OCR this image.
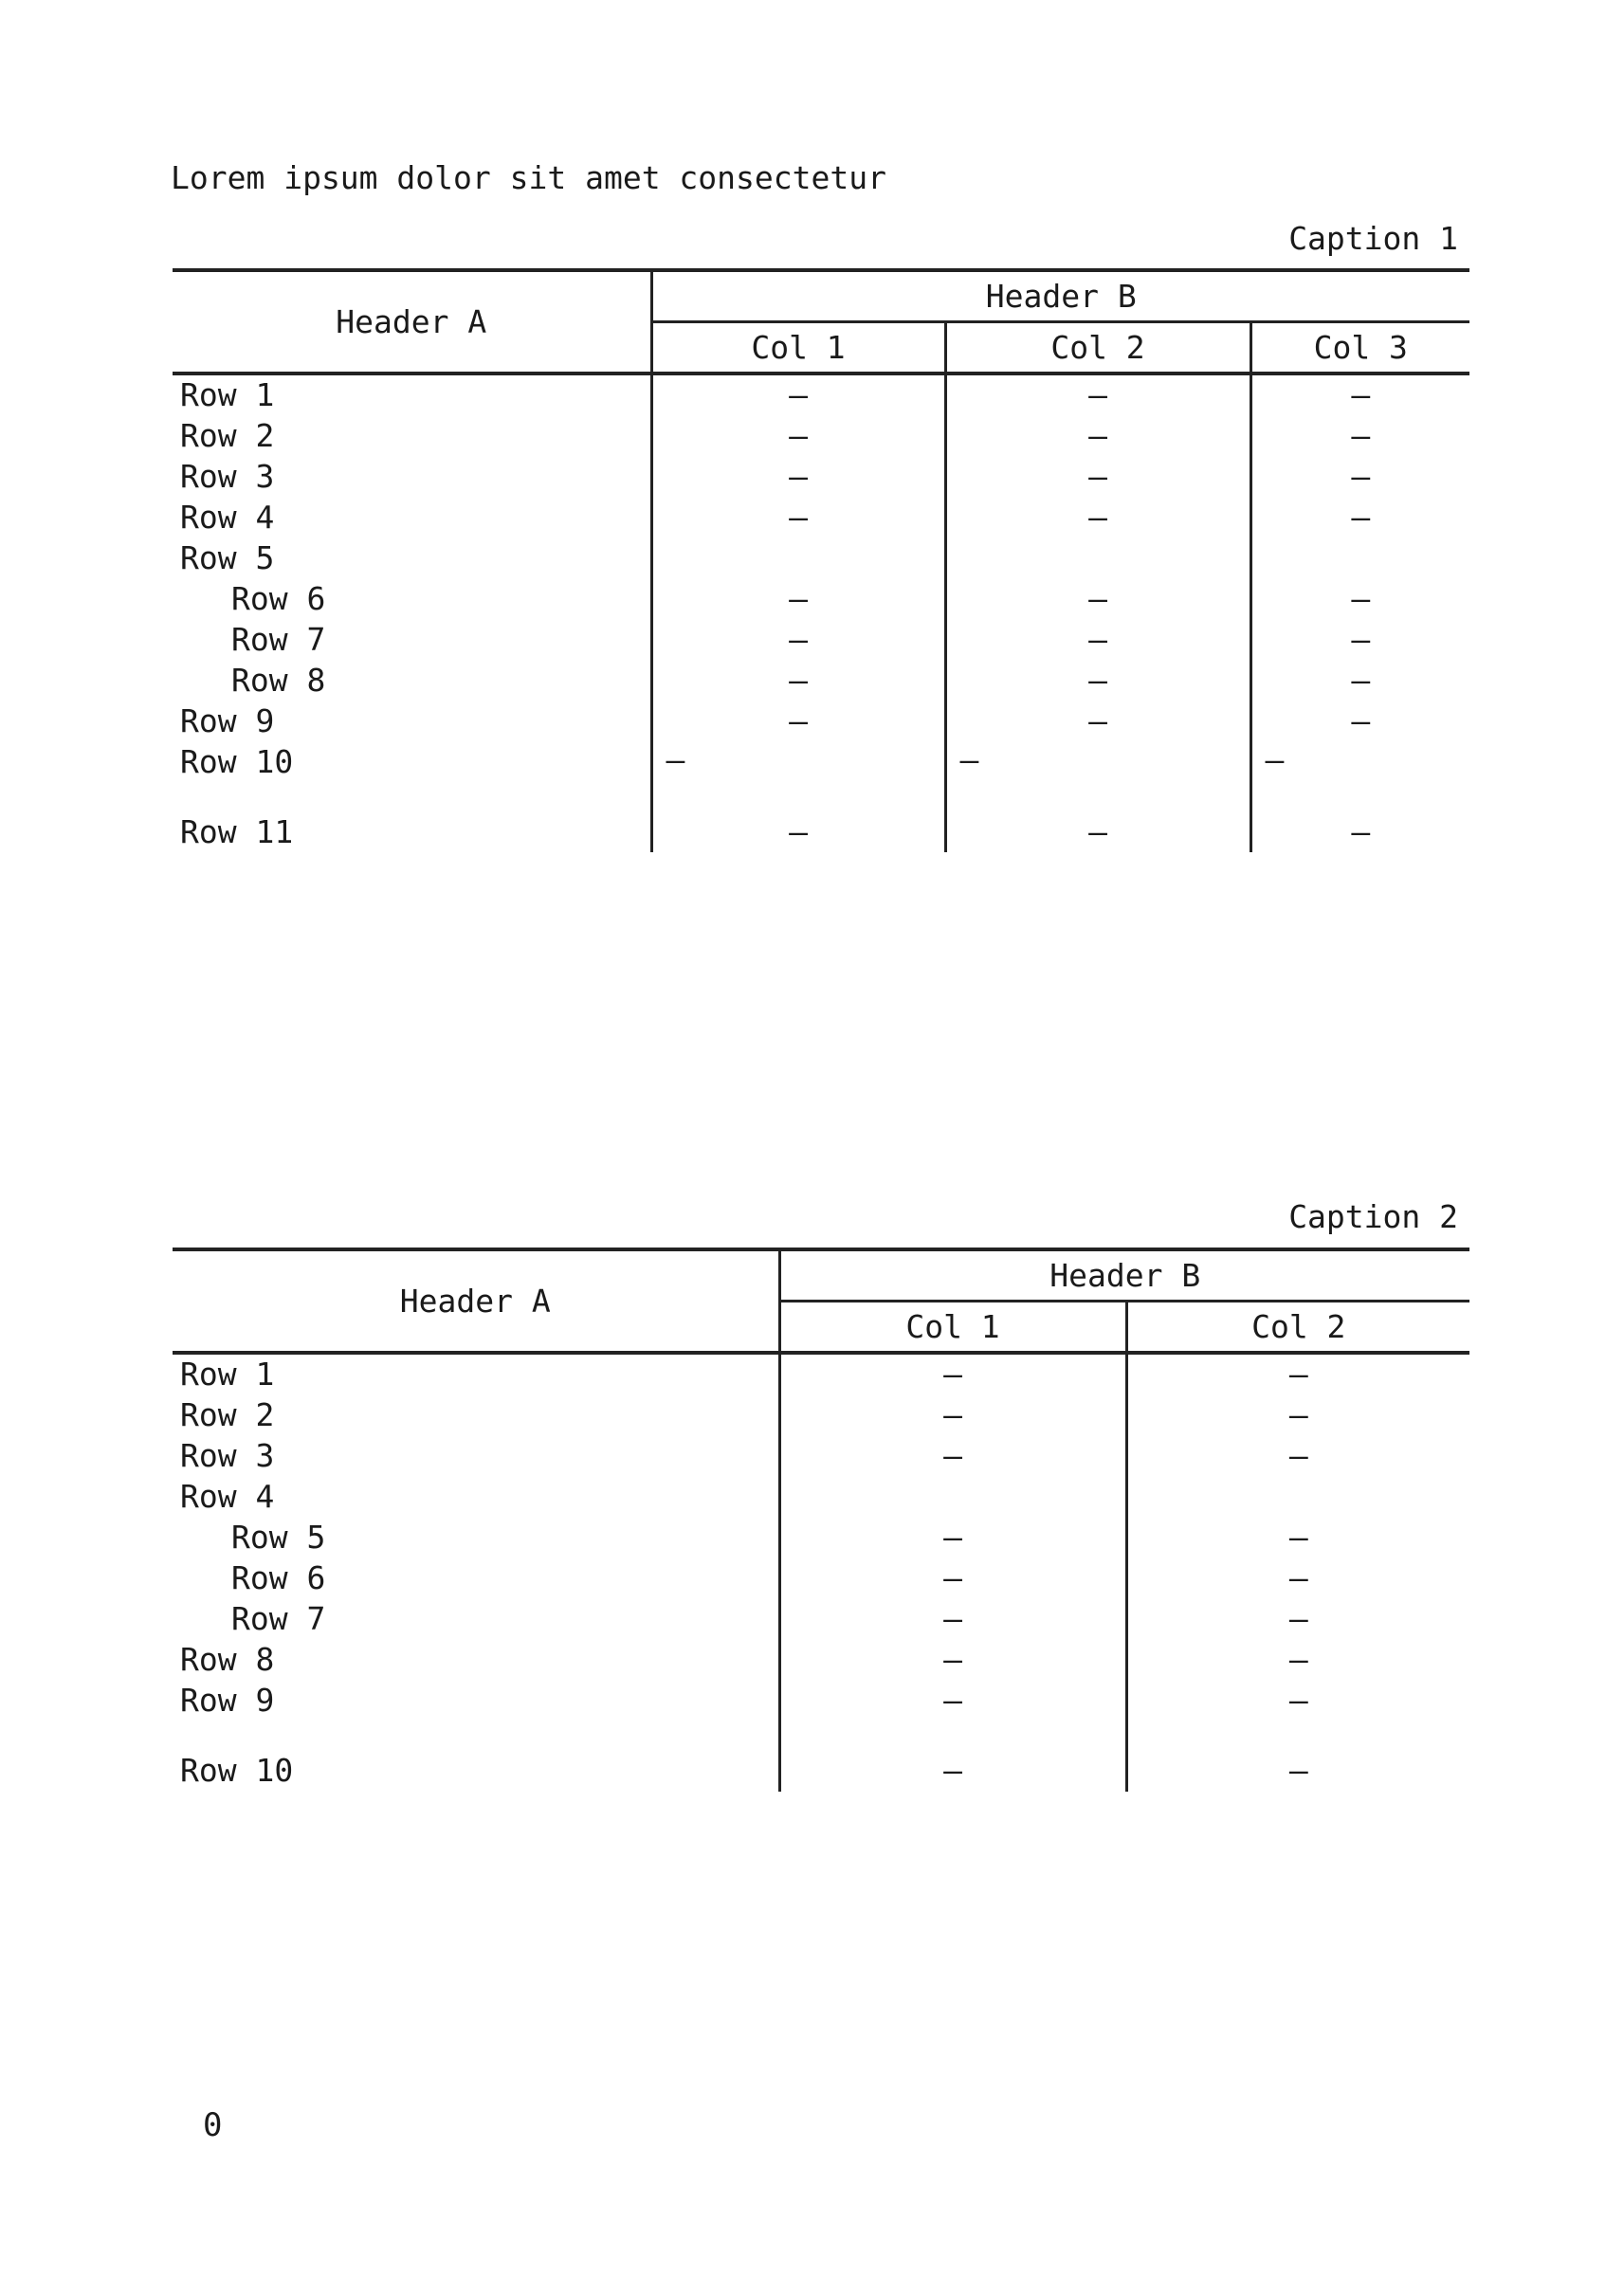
Lorem ipsum dolor sit amet consectetur
Caption 1
Header A	Header B		
	Col 1	Col 2	Col 3
Row 1	—	—	—
Row 2	—	—	—
Row 3	—	—	—
Row 4	—	—	—
Row 5			
Row 6	—	—	—
Row 7	—	—	—
Row 8	—	—	—
Row 9	—	—	—
Row 10	—	—	—
Row 11	—	—	—
Caption 2
Header A	Header B	
	Col 1	Col 2
Row 1	—	—
Row 2	—	—
Row 3	—	—
Row 4		
Row 5	—	—
Row 6	—	—
Row 7	—	—
Row 8	—	—
Row 9	—	—
Row 10	—	—
0
